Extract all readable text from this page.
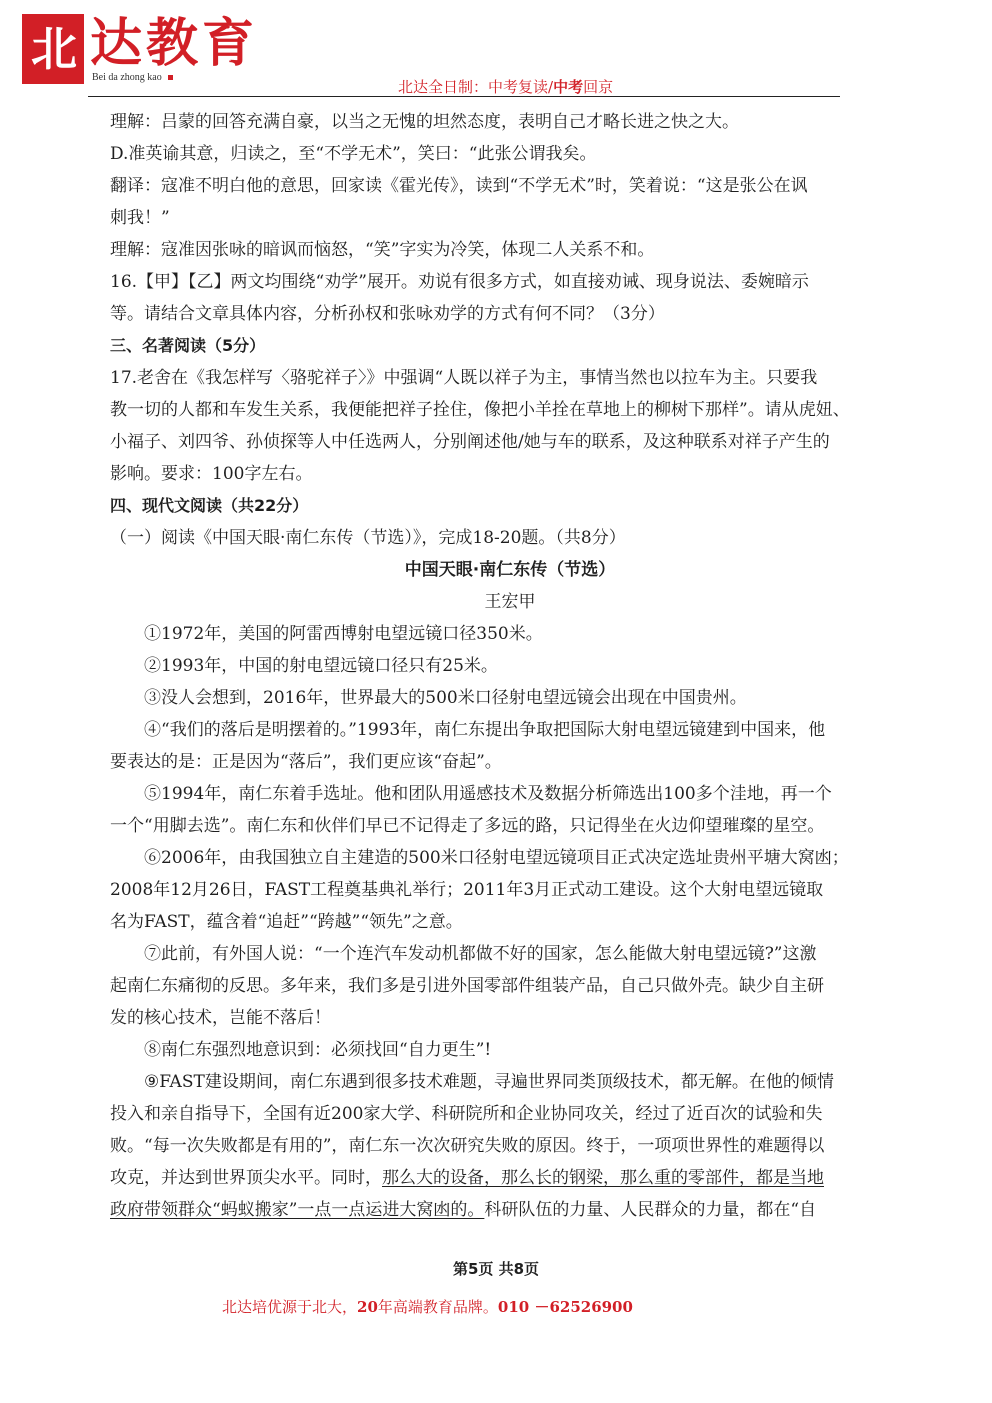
北 达教育
Bei da zhong kao
北达全日制：中考复读/中考回京
理解：吕蒙的回答充满自豪，以当之无愧的坦然态度，表明自己才略长进之快之大。
D.准英谕其意，归读之，至“不学无术”，笑曰：“此张公谓我矣。
翻译：寇准不明白他的意思，回家读《霍光传》，读到“不学无术”时，笑着说：“这是张公在讽
刺我！”
理解：寇准因张咏的暗讽而恼怒，“笑”字实为冷笑，体现二人关系不和。
16.【甲】【乙】两文均围绕“劝学”展开。劝说有很多方式，如直接劝诫、现身说法、委婉暗示
等。请结合文章具体内容，分析孙权和张咏劝学的方式有何不同？（3分）
三、名著阅读（5分）
17.老舍在《我怎样写〈骆驼祥子〉》中强调“人既以祥子为主，事情当然也以拉车为主。只要我
教一切的人都和车发生关系，我便能把祥子拴住，像把小羊拴在草地上的柳树下那样”。请从虎妞、
小福子、刘四爷、孙侦探等人中任选两人，分别阐述他/她与车的联系，及这种联系对祥子产生的
影响。要求：100字左右。
四、现代文阅读（共22分）
（一）阅读《中国天眼·南仁东传（节选）》，完成18-20题。（共8分）
中国天眼·南仁东传（节选）
王宏甲
①1972年，美国的阿雷西博射电望远镜口径350米。
②1993年，中国的射电望远镜口径只有25米。
③没人会想到，2016年，世界最大的500米口径射电望远镜会出现在中国贵州。
④“我们的落后是明摆着的。”1993年，南仁东提出争取把国际大射电望远镜建到中国来，他
要表达的是：正是因为“落后”，我们更应该“奋起”。
⑤1994年，南仁东着手选址。他和团队用遥感技术及数据分析筛选出100多个洼地，再一个
一个“用脚去选”。南仁东和伙伴们早已不记得走了多远的路，只记得坐在火边仰望璀璨的星空。
⑥2006年，由我国独立自主建造的500米口径射电望远镜项目正式决定选址贵州平塘大窝凼；
2008年12月26日，FAST工程奠基典礼举行；2011年3月正式动工建设。这个大射电望远镜取
名为FAST，蕴含着“追赶”“跨越”“领先”之意。
⑦此前，有外国人说：“一个连汽车发动机都做不好的国家，怎么能做大射电望远镜?”这激
起南仁东痛彻的反思。多年来，我们多是引进外国零部件组装产品，自己只做外壳。缺少自主研
发的核心技术，岂能不落后！
⑧南仁东强烈地意识到：必须找回“自力更生”!
⑨FAST建设期间，南仁东遇到很多技术难题，寻遍世界同类顶级技术，都无解。在他的倾情
投入和亲自指导下，全国有近200家大学、科研院所和企业协同攻关，经过了近百次的试验和失
败。“每一次失败都是有用的”，南仁东一次次研究失败的原因。终于，一项项世界性的难题得以
攻克，并达到世界顶尖水平。同时，那么大的设备，那么长的钢梁，那么重的零部件，都是当地
政府带领群众“蚂蚁搬家”一点一点运进大窝凼的。科研队伍的力量、人民群众的力量，都在“自
第5页 共8页
北达培优源于北大，20年高端教育品牌。010 －62526900
